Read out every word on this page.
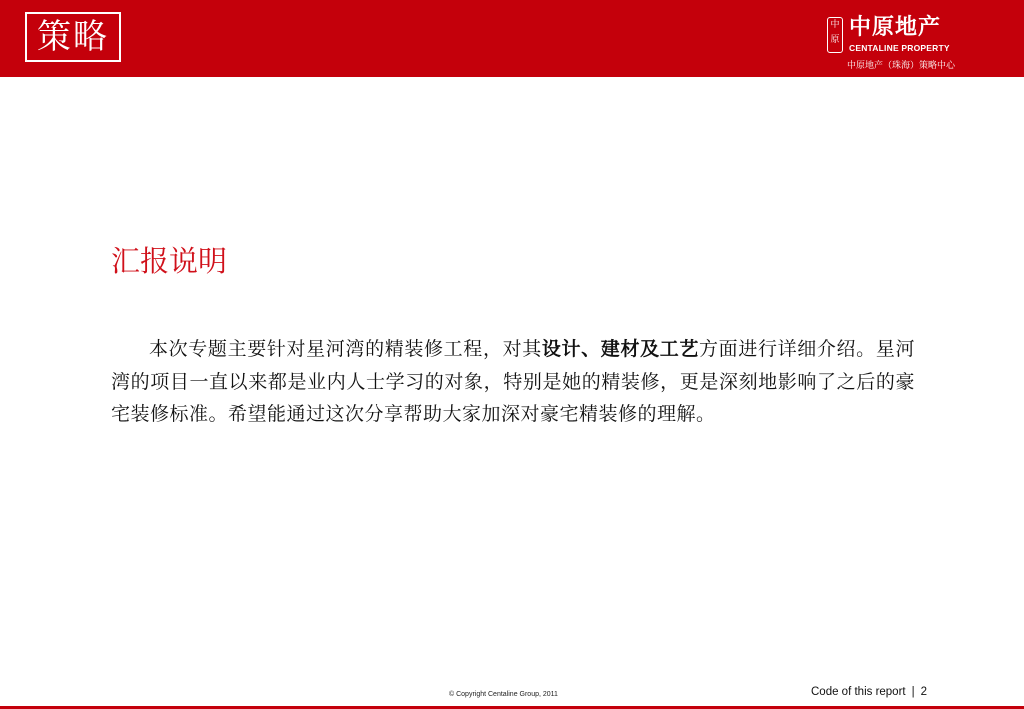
策略	中原 中原地产
CENTALINE PROPERTY
中原地产（珠海）策略中心
汇报说明
本次专题主要针对星河湾的精装修工程，对其设计、建材及工艺方面进行详细介绍。星河湾的项目一直以来都是业内人士学习的对象，特别是她的精装修，更是深刻地影响了之后的豪宅装修标准。希望能通过这次分享帮助大家加深对豪宅精装修的理解。
© Copyright Centaline Group, 2011	Code of this report | 2
